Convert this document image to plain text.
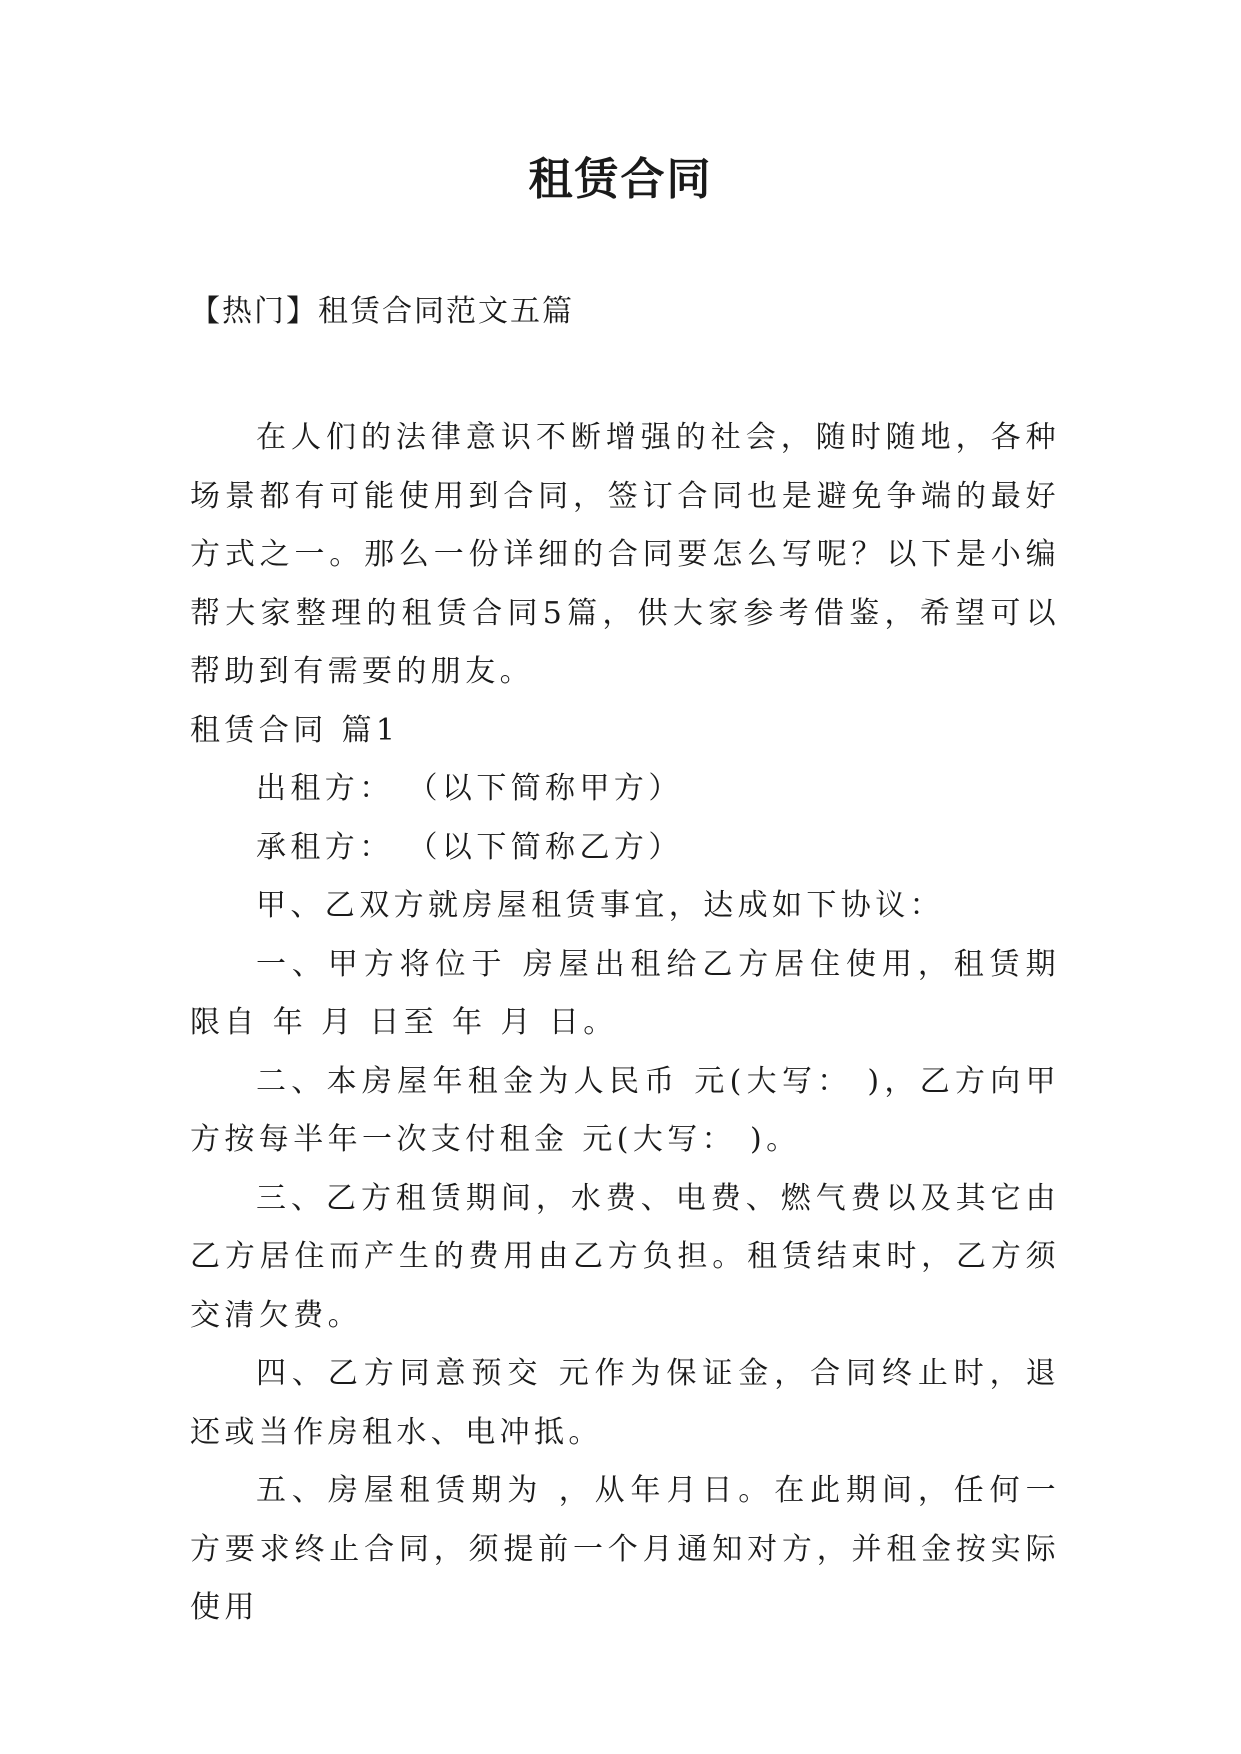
租赁合同

【热门】租赁合同范文五篇

在人们的法律意识不断增强的社会，随时随地，各种场景都有可能使用到合同，签订合同也是避免争端的最好方式之一。那么一份详细的合同要怎么写呢？以下是小编帮大家整理的租赁合同5篇，供大家参考借鉴，希望可以帮助到有需要的朋友。

租赁合同 篇1

出租方： （以下简称甲方）

承租方： （以下简称乙方）

甲、乙双方就房屋租赁事宜，达成如下协议：

一、甲方将位于 房屋出租给乙方居住使用，租赁期限自 年 月 日至 年 月 日。

二、本房屋年租金为人民币 元(大写： )，乙方向甲方按每半年一次支付租金 元(大写： )。

三、乙方租赁期间，水费、电费、燃气费以及其它由乙方居住而产生的费用由乙方负担。租赁结束时，乙方须交清欠费。

四、乙方同意预交 元作为保证金，合同终止时，退还或当作房租水、电冲抵。

五、房屋租赁期为 ，从年月日。在此期间，任何一方要求终止合同，须提前一个月通知对方，并租金按实际使用
